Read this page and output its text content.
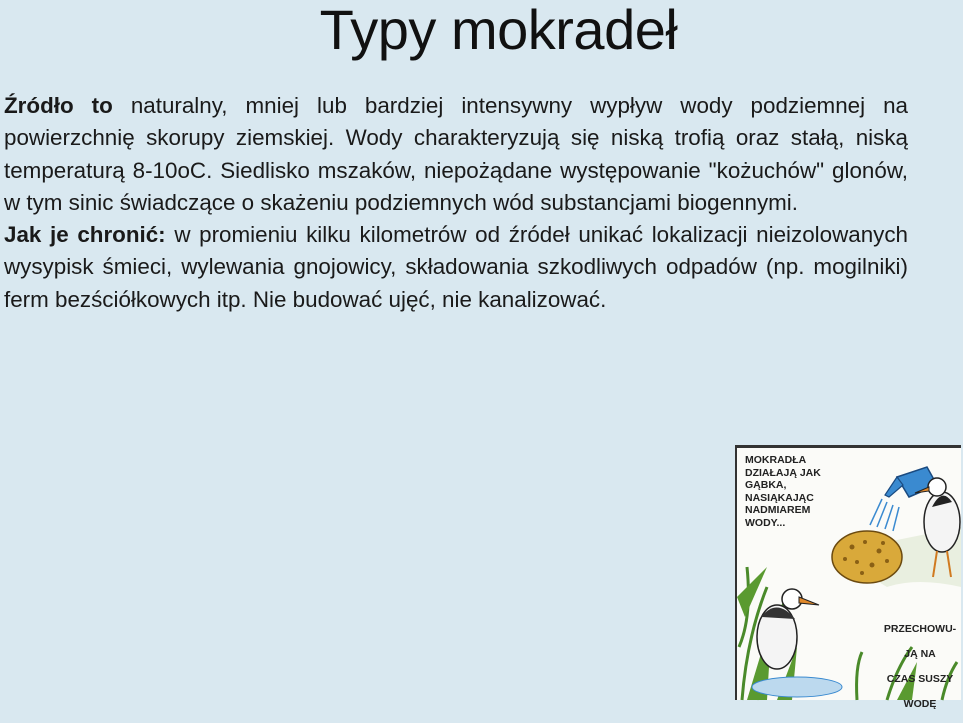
Typy mokradeł

Źródło to naturalny, mniej lub bardziej intensywny wypływ wody podziemnej na powierzchnię skorupy ziemskiej. Wody charakteryzują się niską trofią oraz stałą, niską temperaturą 8-10oC. Siedlisko mszaków, niepożądane występowanie "kożuchów" glonów, w tym sinic świadczące o skażeniu podziemnych wód substancjami biogennymi.

Jak je chronić: w promieniu kilku kilometrów od źródeł unikać lokalizacji nieizolowanych wysypisk śmieci, wylewania gnojowicy, składowania szkodliwych odpadów (np. mogilniki) ferm bezściółkowych itp. Nie budować ujęć, nie kanalizować.

MOKRADŁA
DZIAŁAJĄ JAK
GĄBKA,
NASIĄKAJĄC
NADMIAREM
WODY...

PRZECHOWU-

JĄ NA

CZAS SUSZY

WODĘ
